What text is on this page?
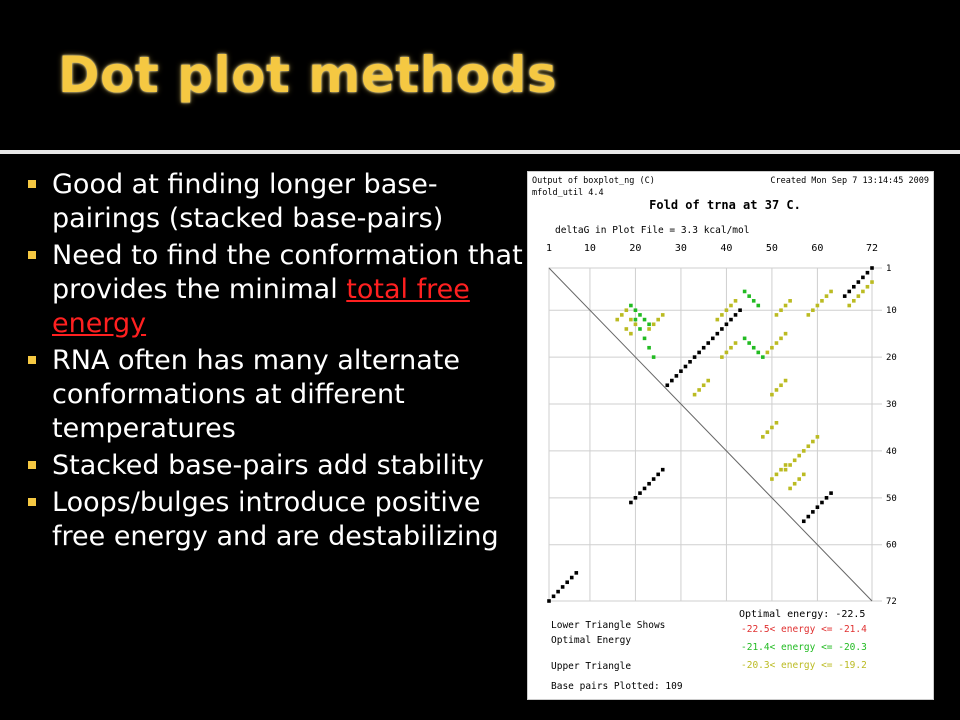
Dot plot methods
Good at finding longer base-pairings (stacked base-pairs)
Need to find the conformation that provides the minimal total free energy
RNA often has many alternate conformations at different temperatures
Stacked base-pairs add stability
Loops/bulges introduce positive free energy and are destabilizing
Output of boxplot_ng (C)
mfold_util 4.4
Created Mon Sep 7 13:14:45 2009
Fold of trna at 37 C.
deltaG in Plot File = 3.3 kcal/mol
1	10	20	30	40	50	60	72
1
10
20
30
40
50
60
72
Optimal energy: -22.5
Lower Triangle Shows
Optimal Energy
Upper Triangle
Base pairs Plotted: 109
-22.5< energy <= -21.4
-21.4< energy <= -20.3
-20.3< energy <= -19.2
